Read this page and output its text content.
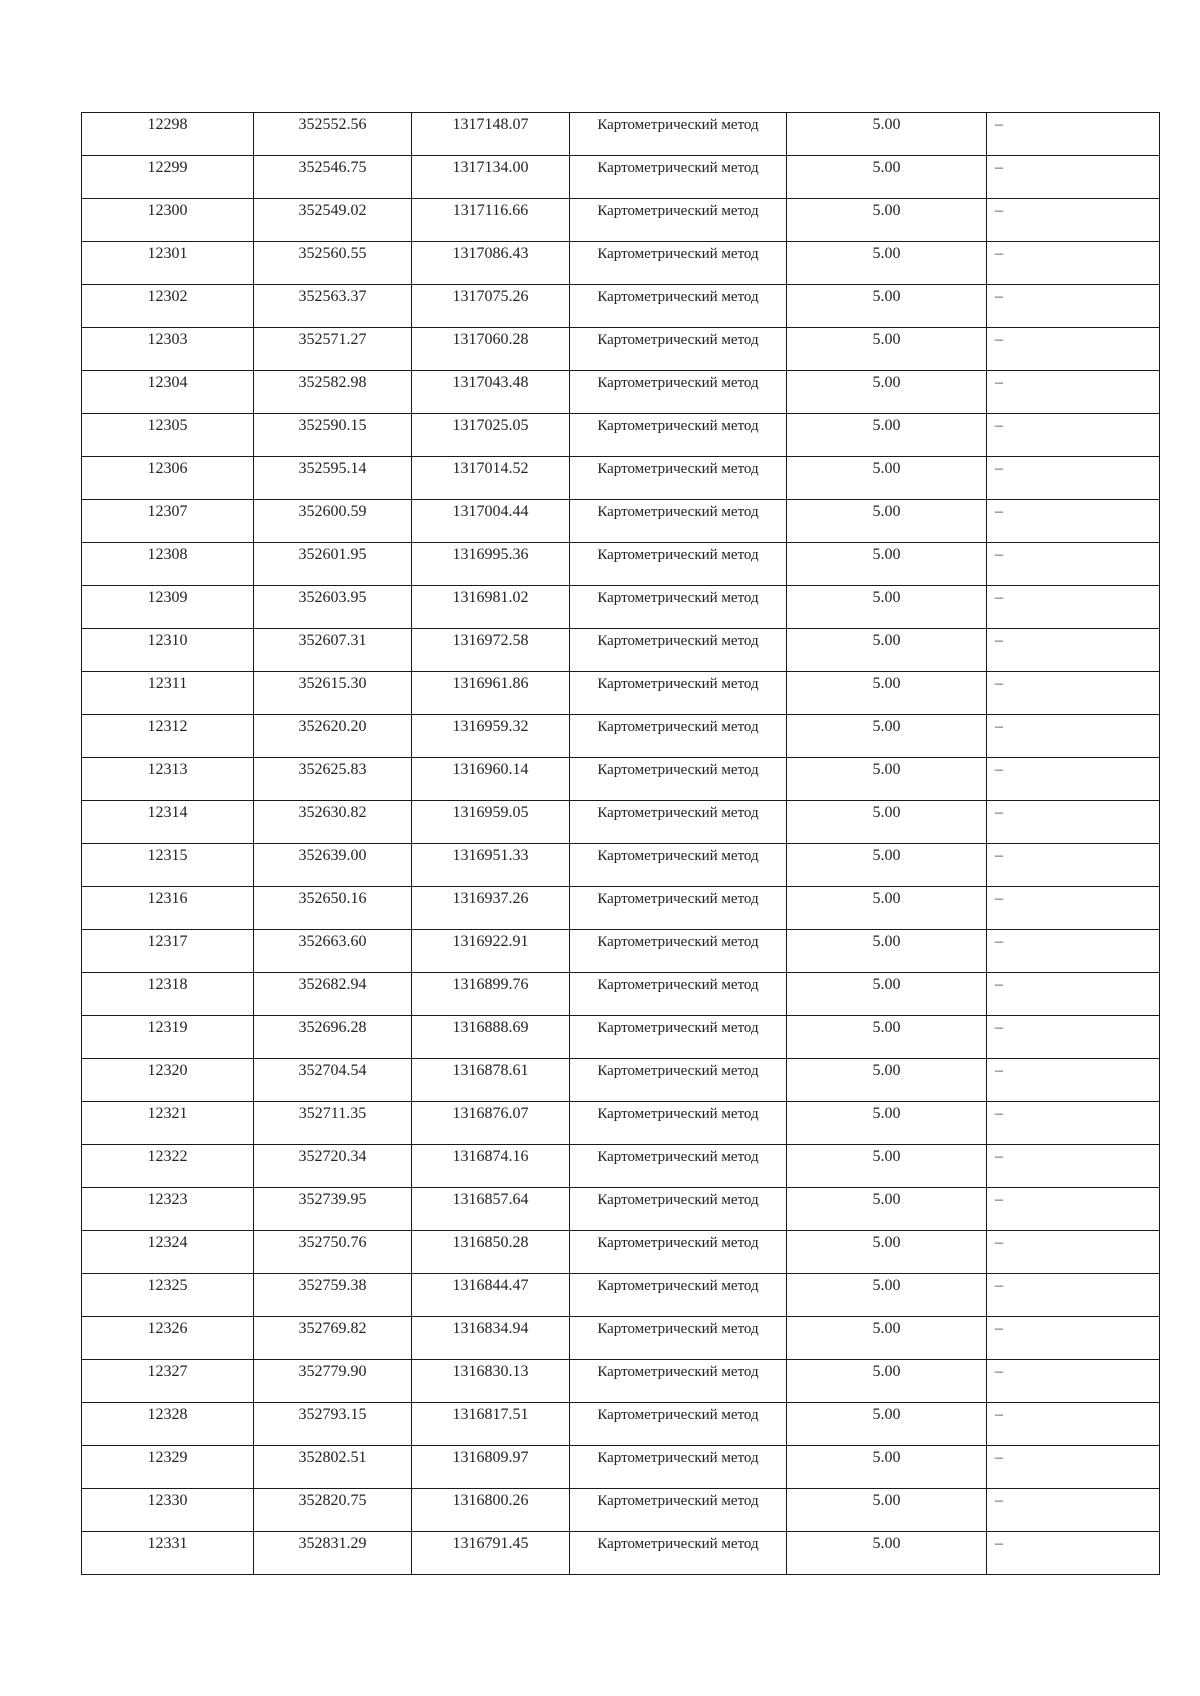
12298	352552.56	1317148.07	Картометрический метод	5.00	–

12299	352546.75	1317134.00	Картометрический метод	5.00	–

12300	352549.02	1317116.66	Картометрический метод	5.00	–

12301	352560.55	1317086.43	Картометрический метод	5.00	–

12302	352563.37	1317075.26	Картометрический метод	5.00	–

12303	352571.27	1317060.28	Картометрический метод	5.00	–

12304	352582.98	1317043.48	Картометрический метод	5.00	–

12305	352590.15	1317025.05	Картометрический метод	5.00	–

12306	352595.14	1317014.52	Картометрический метод	5.00	–

12307	352600.59	1317004.44	Картометрический метод	5.00	–

12308	352601.95	1316995.36	Картометрический метод	5.00	–

12309	352603.95	1316981.02	Картометрический метод	5.00	–

12310	352607.31	1316972.58	Картометрический метод	5.00	–

12311	352615.30	1316961.86	Картометрический метод	5.00	–

12312	352620.20	1316959.32	Картометрический метод	5.00	–

12313	352625.83	1316960.14	Картометрический метод	5.00	–

12314	352630.82	1316959.05	Картометрический метод	5.00	–

12315	352639.00	1316951.33	Картометрический метод	5.00	–

12316	352650.16	1316937.26	Картометрический метод	5.00	–

12317	352663.60	1316922.91	Картометрический метод	5.00	–

12318	352682.94	1316899.76	Картометрический метод	5.00	–

12319	352696.28	1316888.69	Картометрический метод	5.00	–

12320	352704.54	1316878.61	Картометрический метод	5.00	–

12321	352711.35	1316876.07	Картометрический метод	5.00	–

12322	352720.34	1316874.16	Картометрический метод	5.00	–

12323	352739.95	1316857.64	Картометрический метод	5.00	–

12324	352750.76	1316850.28	Картометрический метод	5.00	–

12325	352759.38	1316844.47	Картометрический метод	5.00	–

12326	352769.82	1316834.94	Картометрический метод	5.00	–

12327	352779.90	1316830.13	Картометрический метод	5.00	–

12328	352793.15	1316817.51	Картометрический метод	5.00	–

12329	352802.51	1316809.97	Картометрический метод	5.00	–

12330	352820.75	1316800.26	Картометрический метод	5.00	–

12331	352831.29	1316791.45	Картометрический метод	5.00	–
